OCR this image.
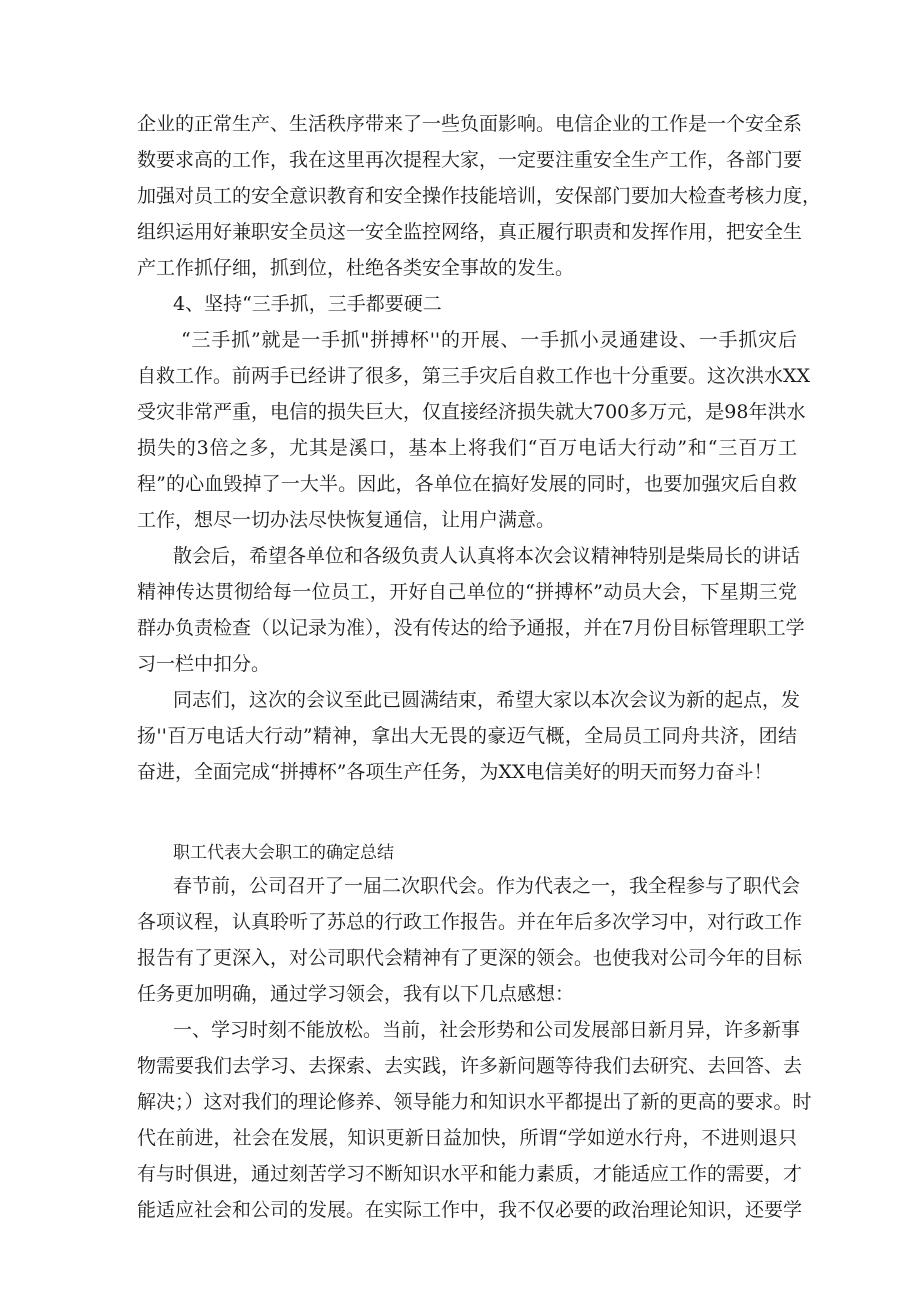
企业的正常生产、生活秩序带来了一些负面影响。电信企业的工作是一个安全系
数要求高的工作，我在这里再次提程大家，一定要注重安全生产工作，各部门要
加强对员工的安全意识教育和安全操作技能培训，安保部门要加大检查考核力度，
组织运用好兼职安全员这一安全监控网络，真正履行职责和发挥作用，把安全生
产工作抓仔细，抓到位，杜绝各类安全事故的发生。
4、坚持“三手抓，三手都要硬二
“三手抓”就是一手抓"拼搏杯''的开展、一手抓小灵通建设、一手抓灾后
自救工作。前两手已经讲了很多，第三手灾后自救工作也十分重要。这次洪水XX
受灾非常严重，电信的损失巨大，仅直接经济损失就大700多万元，是98年洪水
损失的3倍之多，尤其是溪口，基本上将我们“百万电话大行动”和“三百万工
程”的心血毁掉了一大半。因此，各单位在搞好发展的同时，也要加强灾后自救
工作，想尽一切办法尽快恢复通信，让用户满意。
散会后，希望各单位和各级负责人认真将本次会议精神特别是柴局长的讲话
精神传达贯彻给每一位员工，开好自己单位的“拼搏杯”动员大会，下星期三党
群办负责检查（以记录为准），没有传达的给予通报，并在7月份目标管理职工学
习一栏中扣分。
同志们，这次的会议至此已圆满结束，希望大家以本次会议为新的起点，发
扬''百万电话大行动”精神，拿出大无畏的豪迈气概，全局员工同舟共济，团结
奋进，全面完成“拼搏杯”各项生产任务，为XX电信美好的明天而努力奋斗！
职工代表大会职工的确定总结
春节前，公司召开了一届二次职代会。作为代表之一，我全程参与了职代会
各项议程，认真聆听了苏总的行政工作报告。并在年后多次学习中，对行政工作
报告有了更深入，对公司职代会精神有了更深的领会。也使我对公司今年的目标
任务更加明确，通过学习领会，我有以下几点感想：
一、学习时刻不能放松。当前，社会形势和公司发展部日新月异，许多新事
物需要我们去学习、去探索、去实践，许多新问题等待我们去研究、去回答、去
解决；）这对我们的理论修养、领导能力和知识水平都提出了新的更高的要求。时
代在前进，社会在发展，知识更新日益加快，所谓“学如逆水行舟，不进则退只
有与时俱进，通过刻苦学习不断知识水平和能力素质，才能适应工作的需要，才
能适应社会和公司的发展。在实际工作中，我不仅必要的政治理论知识，还要学
